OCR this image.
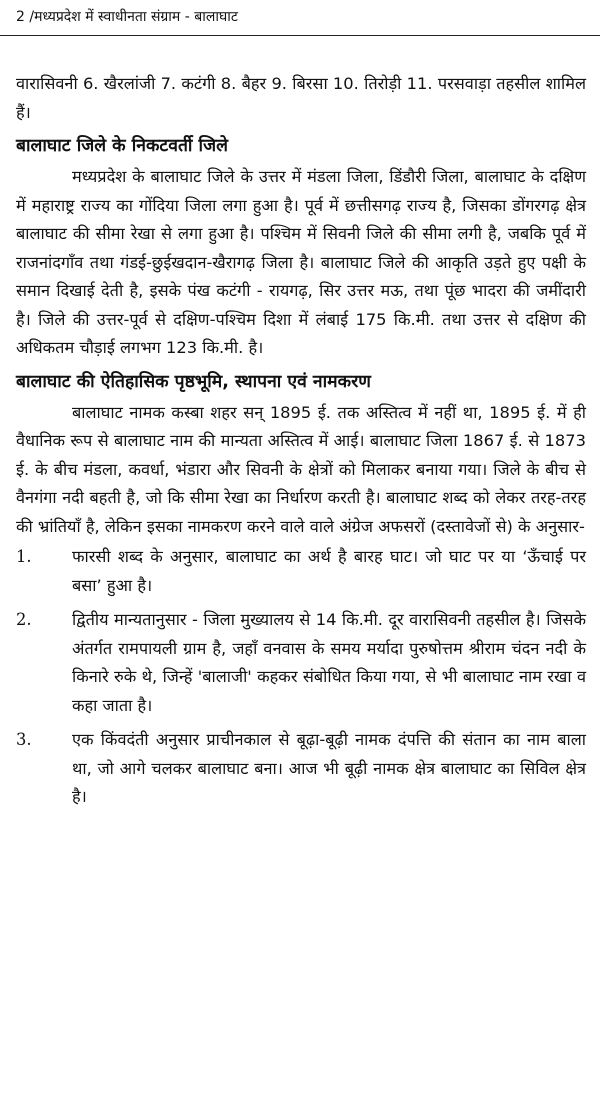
2 /मध्यप्रदेश में स्वाधीनता संग्राम - बालाघाट

वारासिवनी 6. खैरलांजी 7. कटंगी 8. बैहर 9. बिरसा 10. तिरोड़ी 11. परसवाड़ा तहसील शामिल हैं।

बालाघाट जिले के निकटवर्ती जिले

मध्यप्रदेश के बालाघाट जिले के उत्तर में मंडला जिला, डिंडौरी जिला, बालाघाट के दक्षिण में महाराष्ट्र राज्य का गोंदिया जिला लगा हुआ है। पूर्व में छत्तीसगढ़ राज्य है, जिसका डोंगरगढ़ क्षेत्र बालाघाट की सीमा रेखा से लगा हुआ है। पश्चिम में सिवनी जिले की सीमा लगी है, जबकि पूर्व में राजनांदगाँव तथा गंडई-छुईखदान-खैरागढ़ जिला है। बालाघाट जिले की आकृति उड़ते हुए पक्षी के समान दिखाई देती है, इसके पंख कटंगी - रायगढ़, सिर उत्तर मऊ, तथा पूंछ भादरा की जमींदारी है। जिले की उत्तर-पूर्व से दक्षिण-पश्चिम दिशा में लंबाई 175 कि.मी. तथा उत्तर से दक्षिण की अधिकतम चौड़ाई लगभग 123 कि.मी. है।

बालाघाट की ऐतिहासिक पृष्ठभूमि, स्थापना एवं नामकरण

बालाघाट नामक कस्बा शहर सन् 1895 ई. तक अस्तित्व में नहीं था, 1895 ई. में ही वैधानिक रूप से बालाघाट नाम की मान्यता अस्तित्व में आई। बालाघाट जिला 1867 ई. से 1873 ई. के बीच मंडला, कवर्धा, भंडारा और सिवनी के क्षेत्रों को मिलाकर बनाया गया। जिले के बीच से वैनगंगा नदी बहती है, जो कि सीमा रेखा का निर्धारण करती है। बालाघाट शब्द को लेकर तरह-तरह की भ्रांतियाँ है, लेकिन इसका नामकरण करने वाले वाले अंग्रेज अफसरों (दस्तावेजों से) के अनुसार-

1.	फारसी शब्द के अनुसार, बालाघाट का अर्थ है बारह घाट। जो घाट पर या ‘ऊँचाई पर बसा’ हुआ है।
2.	द्वितीय मान्यतानुसार - जिला मुख्यालय से 14 कि.मी. दूर वारासिवनी तहसील है। जिसके अंतर्गत रामपायली ग्राम है, जहाँ वनवास के समय मर्यादा पुरुषोत्तम श्रीराम चंदन नदी के किनारे रुके थे, जिन्हें 'बालाजी' कहकर संबोधित किया गया, से भी बालाघाट नाम रखा व कहा जाता है।
3.	एक किंवदंती अनुसार प्राचीनकाल से बूढ़ा-बूढ़ी नामक दंपत्ति की संतान का नाम बाला था, जो आगे चलकर बालाघाट बना। आज भी बूढ़ी नामक क्षेत्र बालाघाट का सिविल क्षेत्र है।
